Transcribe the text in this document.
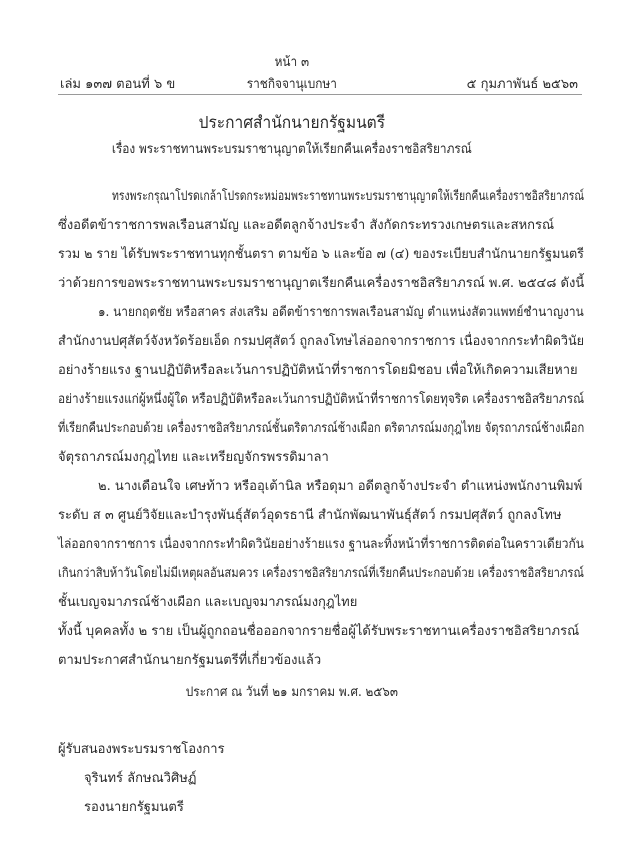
หน้า ๓
เล่ม ๑๓๗ ตอนที่ ๖ ข	ราชกิจจานุเบกษา	๕ กุมภาพันธ์ ๒๕๖๓
ประกาศสำนักนายกรัฐมนตรี
เรื่อง พระราชทานพระบรมราชานุญาตให้เรียกคืนเครื่องราชอิสริยาภรณ์
ทรงพระกรุณาโปรดเกล้าโปรดกระหม่อมพระราชทานพระบรมราชานุญาตให้เรียกคืนเครื่องราชอิสริยาภรณ์
ซึ่งอดีตข้าราชการพลเรือนสามัญ และอดีตลูกจ้างประจำ สังกัดกระทรวงเกษตรและสหกรณ์
รวม ๒ ราย ได้รับพระราชทานทุกชั้นตรา ตามข้อ ๖ และข้อ ๗ (๔) ของระเบียบสำนักนายกรัฐมนตรี
ว่าด้วยการขอพระราชทานพระบรมราชานุญาตเรียกคืนเครื่องราชอิสริยาภรณ์ พ.ศ. ๒๕๔๘ ดังนี้
๑. นายกฤตชัย หรือสาคร ส่งเสริม อดีตข้าราชการพลเรือนสามัญ ตำแหน่งสัตวแพทย์ชำนาญงาน
สำนักงานปศุสัตว์จังหวัดร้อยเอ็ด กรมปศุสัตว์ ถูกลงโทษไล่ออกจากราชการ เนื่องจากกระทำผิดวินัย
อย่างร้ายแรง ฐานปฏิบัติหรือละเว้นการปฏิบัติหน้าที่ราชการโดยมิชอบ เพื่อให้เกิดความเสียหาย
อย่างร้ายแรงแก่ผู้หนึ่งผู้ใด หรือปฏิบัติหรือละเว้นการปฏิบัติหน้าที่ราชการโดยทุจริต เครื่องราชอิสริยาภรณ์
ที่เรียกคืนประกอบด้วย เครื่องราชอิสริยาภรณ์ชั้นตริตาภรณ์ช้างเผือก ตริตาภรณ์มงกุฎไทย จัตุรถาภรณ์ช้างเผือก
จัตุรถาภรณ์มงกุฎไทย และเหรียญจักรพรรดิมาลา
๒. นางเดือนใจ เศษท้าว หรืออุเต้านิล หรือดุมา อดีตลูกจ้างประจำ ตำแหน่งพนักงานพิมพ์
ระดับ ส ๓ ศูนย์วิจัยและบำรุงพันธุ์สัตว์อุดรธานี สำนักพัฒนาพันธุ์สัตว์ กรมปศุสัตว์ ถูกลงโทษ
ไล่ออกจากราชการ เนื่องจากกระทำผิดวินัยอย่างร้ายแรง ฐานละทิ้งหน้าที่ราชการติดต่อในคราวเดียวกัน
เกินกว่าสิบห้าวันโดยไม่มีเหตุผลอันสมควร เครื่องราชอิสริยาภรณ์ที่เรียกคืนประกอบด้วย เครื่องราชอิสริยาภรณ์
ชั้นเบญจมาภรณ์ช้างเผือก และเบญจมาภรณ์มงกุฎไทย
ทั้งนี้ บุคคลทั้ง ๒ ราย เป็นผู้ถูกถอนชื่อออกจากรายชื่อผู้ได้รับพระราชทานเครื่องราชอิสริยาภรณ์
ตามประกาศสำนักนายกรัฐมนตรีที่เกี่ยวข้องแล้ว
ประกาศ ณ วันที่ ๒๑ มกราคม พ.ศ. ๒๕๖๓
ผู้รับสนองพระบรมราชโองการ
จุรินทร์ ลักษณวิศิษฏ์
รองนายกรัฐมนตรี
